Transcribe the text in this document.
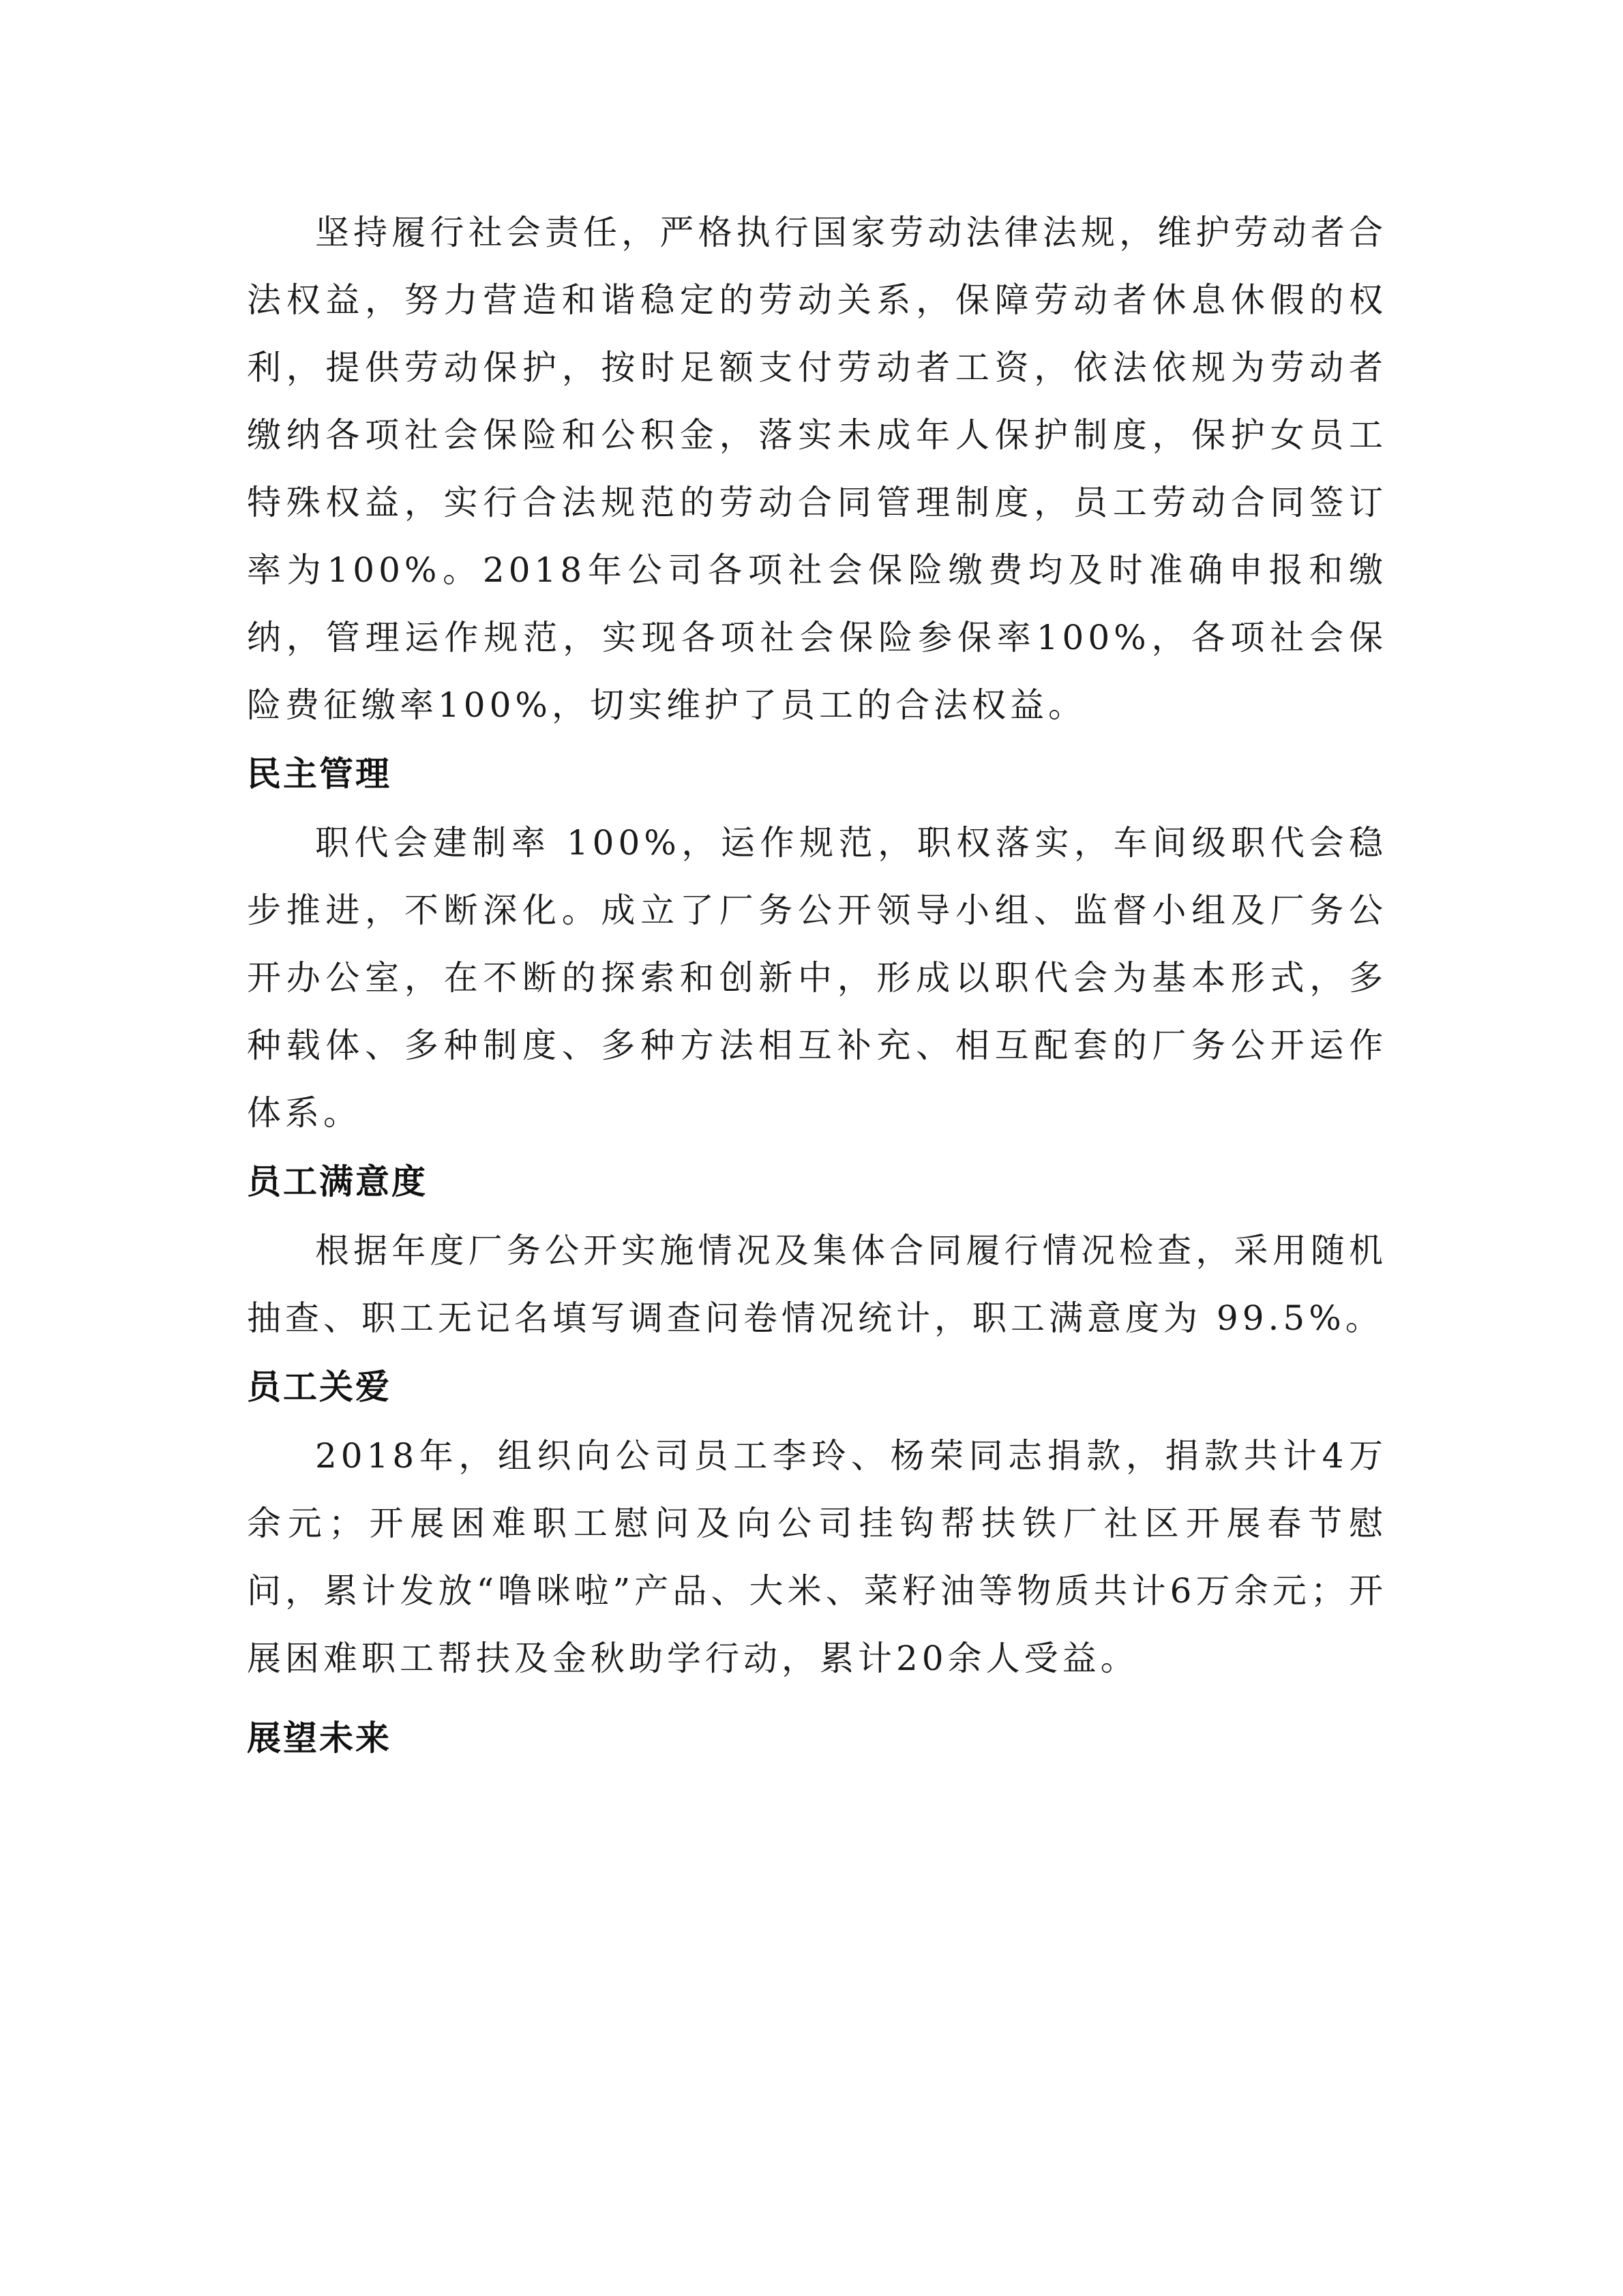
坚持履行社会责任，严格执行国家劳动法律法规，维护劳动者合法权益，努力营造和谐稳定的劳动关系，保障劳动者休息休假的权利，提供劳动保护，按时足额支付劳动者工资，依法依规为劳动者缴纳各项社会保险和公积金，落实未成年人保护制度，保护女员工特殊权益，实行合法规范的劳动合同管理制度，员工劳动合同签订率为100%。2018年公司各项社会保险缴费均及时准确申报和缴纳，管理运作规范，实现各项社会保险参保率100%，各项社会保险费征缴率100%，切实维护了员工的合法权益。

民主管理

职代会建制率 100%，运作规范，职权落实，车间级职代会稳步推进，不断深化。成立了厂务公开领导小组、监督小组及厂务公开办公室，在不断的探索和创新中，形成以职代会为基本形式，多种载体、多种制度、多种方法相互补充、相互配套的厂务公开运作体系。

员工满意度

根据年度厂务公开实施情况及集体合同履行情况检查，采用随机抽查、职工无记名填写调查问卷情况统计，职工满意度为 99.5%。

员工关爱

2018年，组织向公司员工李玲、杨荣同志捐款，捐款共计4万余元；开展困难职工慰问及向公司挂钩帮扶铁厂社区开展春节慰问，累计发放“噜咪啦”产品、大米、菜籽油等物质共计6万余元；开展困难职工帮扶及金秋助学行动，累计20余人受益。

展望未来
